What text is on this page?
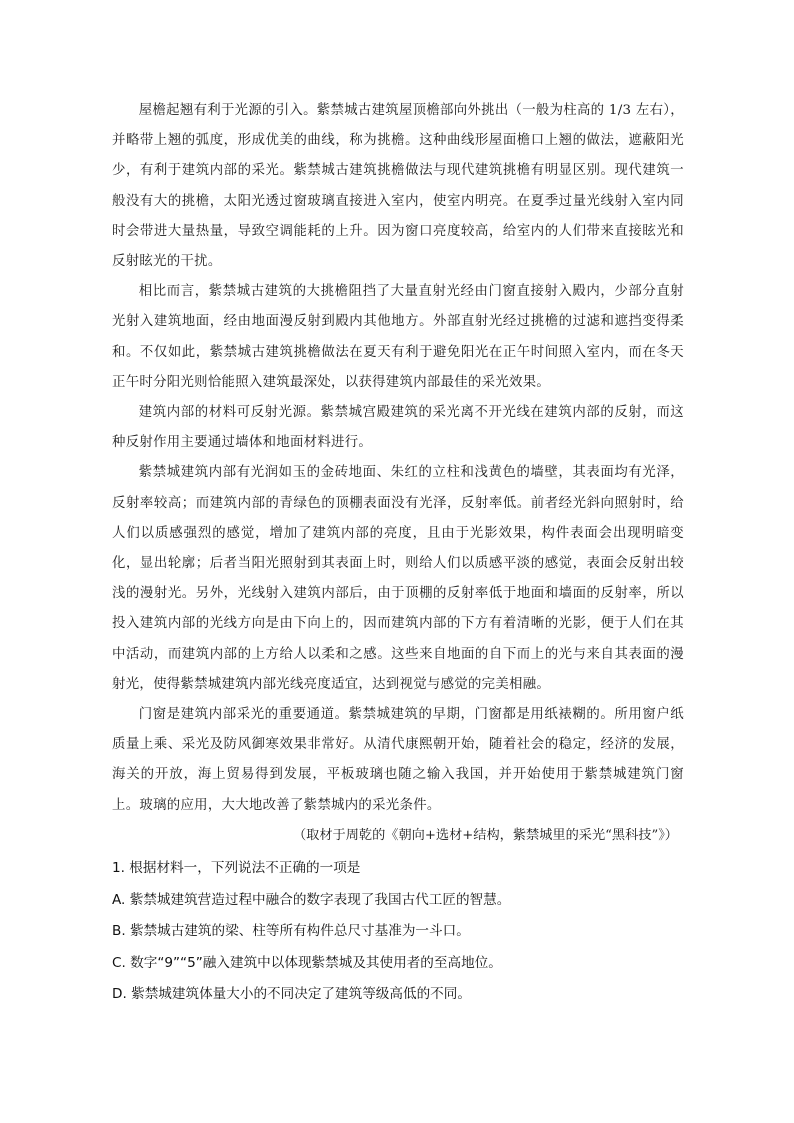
屋檐起翘有利于光源的引入。紫禁城古建筑屋顶檐部向外挑出（一般为柱高的 1/3 左右），并略带上翘的弧度，形成优美的曲线，称为挑檐。这种曲线形屋面檐口上翘的做法，遮蔽阳光少，有利于建筑内部的采光。紫禁城古建筑挑檐做法与现代建筑挑檐有明显区别。现代建筑一般没有大的挑檐，太阳光透过窗玻璃直接进入室内，使室内明亮。在夏季过量光线射入室内同时会带进大量热量，导致空调能耗的上升。因为窗口亮度较高，给室内的人们带来直接眩光和反射眩光的干扰。

相比而言，紫禁城古建筑的大挑檐阻挡了大量直射光经由门窗直接射入殿内，少部分直射光射入建筑地面，经由地面漫反射到殿内其他地方。外部直射光经过挑檐的过滤和遮挡变得柔和。不仅如此，紫禁城古建筑挑檐做法在夏天有利于避免阳光在正午时间照入室内，而在冬天正午时分阳光则恰能照入建筑最深处，以获得建筑内部最佳的采光效果。

建筑内部的材料可反射光源。紫禁城宫殿建筑的采光离不开光线在建筑内部的反射，而这种反射作用主要通过墙体和地面材料进行。

紫禁城建筑内部有光润如玉的金砖地面、朱红的立柱和浅黄色的墙壁，其表面均有光泽，反射率较高；而建筑内部的青绿色的顶棚表面没有光泽，反射率低。前者经光斜向照射时，给人们以质感强烈的感觉，增加了建筑内部的亮度，且由于光影效果，构件表面会出现明暗变化，显出轮廓；后者当阳光照射到其表面上时，则给人们以质感平淡的感觉，表面会反射出较浅的漫射光。另外，光线射入建筑内部后，由于顶棚的反射率低于地面和墙面的反射率，所以投入建筑内部的光线方向是由下向上的，因而建筑内部的下方有着清晰的光影，便于人们在其中活动，而建筑内部的上方给人以柔和之感。这些来自地面的自下而上的光与来自其表面的漫射光，使得紫禁城建筑内部光线亮度适宜，达到视觉与感觉的完美相融。

门窗是建筑内部采光的重要通道。紫禁城建筑的早期，门窗都是用纸裱糊的。所用窗户纸质量上乘、采光及防风御寒效果非常好。从清代康熙朝开始，随着社会的稳定，经济的发展，海关的开放，海上贸易得到发展，平板玻璃也随之输入我国，并开始使用于紫禁城建筑门窗上。玻璃的应用，大大地改善了紫禁城内的采光条件。

（取材于周乾的《朝向+选材+结构，紫禁城里的采光“黑科技”》）

1. 根据材料一，下列说法不正确的一项是

A. 紫禁城建筑营造过程中融合的数字表现了我国古代工匠的智慧。

B. 紫禁城古建筑的梁、柱等所有构件总尺寸基准为一斗口。

C. 数字“9”“5”融入建筑中以体现紫禁城及其使用者的至高地位。

D. 紫禁城建筑体量大小的不同决定了建筑等级高低的不同。
